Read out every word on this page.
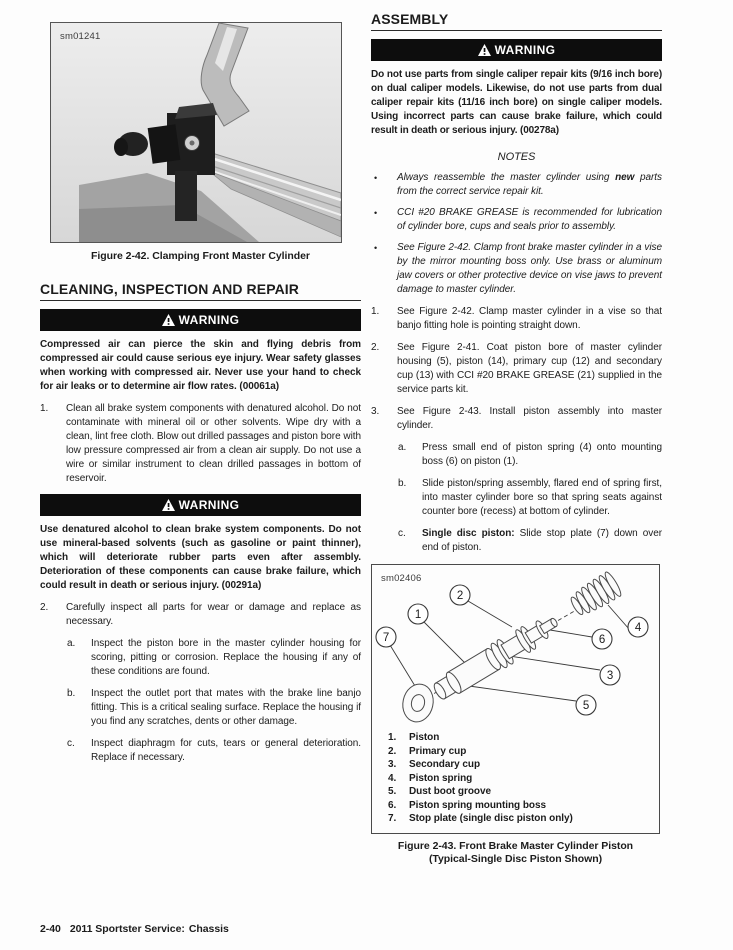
sm01241
Figure 2-42. Clamping Front Master Cylinder
CLEANING, INSPECTION AND REPAIR
WARNING
Compressed air can pierce the skin and flying debris from compressed air could cause serious eye injury. Wear safety glasses when working with compressed air. Never use your hand to check for air leaks or to determine air flow rates. (00061a)
1.	Clean all brake system components with denatured alcohol. Do not contaminate with mineral oil or other solvents. Wipe dry with a clean, lint free cloth. Blow out drilled passages and piston bore with low pressure compressed air from a clean air supply. Do not use a wire or similar instrument to clean drilled passages in bottom of reservoir.
WARNING
Use denatured alcohol to clean brake system components. Do not use mineral-based solvents (such as gasoline or paint thinner), which will deteriorate rubber parts even after assembly. Deterioration of these components can cause brake failure, which could result in death or serious injury. (00291a)
2.	Carefully inspect all parts for wear or damage and replace as necessary.
a.	Inspect the piston bore in the master cylinder housing for scoring, pitting or corrosion. Replace the housing if any of these conditions are found.
b.	Inspect the outlet port that mates with the brake line banjo fitting. This is a critical sealing surface. Replace the housing if you find any scratches, dents or other damage.
c.	Inspect diaphragm for cuts, tears or general deterioration. Replace if necessary.
ASSEMBLY
WARNING
Do not use parts from single caliper repair kits (9/16 inch bore) on dual caliper models. Likewise, do not use parts from dual caliper repair kits (11/16 inch bore) on single caliper models. Using incorrect parts can cause brake failure, which could result in death or serious injury. (00278a)
NOTES
•	Always reassemble the master cylinder using new parts from the correct service repair kit.
•	CCI #20 BRAKE GREASE is recommended for lubrication of cylinder bore, cups and seals prior to assembly.
•	See Figure 2-42. Clamp front brake master cylinder in a vise by the mirror mounting boss only. Use brass or aluminum jaw covers or other protective device on vise jaws to prevent damage to master cylinder.
1.	See Figure 2-42. Clamp master cylinder in a vise so that banjo fitting hole is pointing straight down.
2.	See Figure 2-41. Coat piston bore of master cylinder housing (5), piston (14), primary cup (12) and secondary cup (13) with CCI #20 BRAKE GREASE (21) supplied in the service parts kit.
3.	See Figure 2-43. Install piston assembly into master cylinder.
a.	Press small end of piston spring (4) onto mounting boss (6) on piston (1).
b.	Slide piston/spring assembly, flared end of spring first, into master cylinder bore so that spring seats against counter bore (recess) at bottom of cylinder.
c.	Single disc piston: Slide stop plate (7) down over end of piston.
sm02406
2
1
7	6
4
3
5
1.	Piston
2.	Primary cup
3.	Secondary cup
4.	Piston spring
5.	Dust boot groove
6.	Piston spring mounting boss
7.	Stop plate (single disc piston only)
Figure 2-43. Front Brake Master Cylinder Piston
(Typical-Single Disc Piston Shown)
2-40 2011 Sportster Service: Chassis
